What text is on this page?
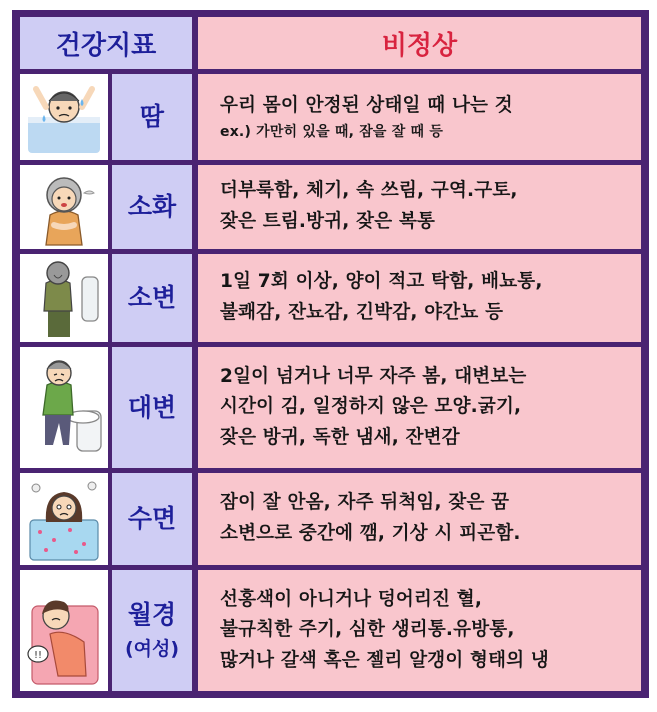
건강지표	비정상
땀	우리 몸이 안정된 상태일 때 나는 것
ex.) 가만히 있을 때, 잠을 잘 때 등
소화
더부룩함, 체기, 속 쓰림, 구역.구토,
잦은 트림.방귀, 잦은 복통
소변
1일 7회 이상, 양이 적고 탁함, 배뇨통,
불쾌감, 잔뇨감, 긴박감, 야간뇨 등
대변
2일이 넘거나 너무 자주 봄, 대변보는
시간이 김, 일정하지 않은 모양.굵기,
잦은 방귀, 독한 냄새, 잔변감
수면
잠이 잘 안옴, 자주 뒤척임, 잦은 꿈
소변으로 중간에 깸, 기상 시 피곤함.
!!
월경
(여성)
선홍색이 아니거나 덩어리진 혈,
불규칙한 주기, 심한 생리통.유방통,
많거나 갈색 혹은 젤리 알갱이 형태의 냉
